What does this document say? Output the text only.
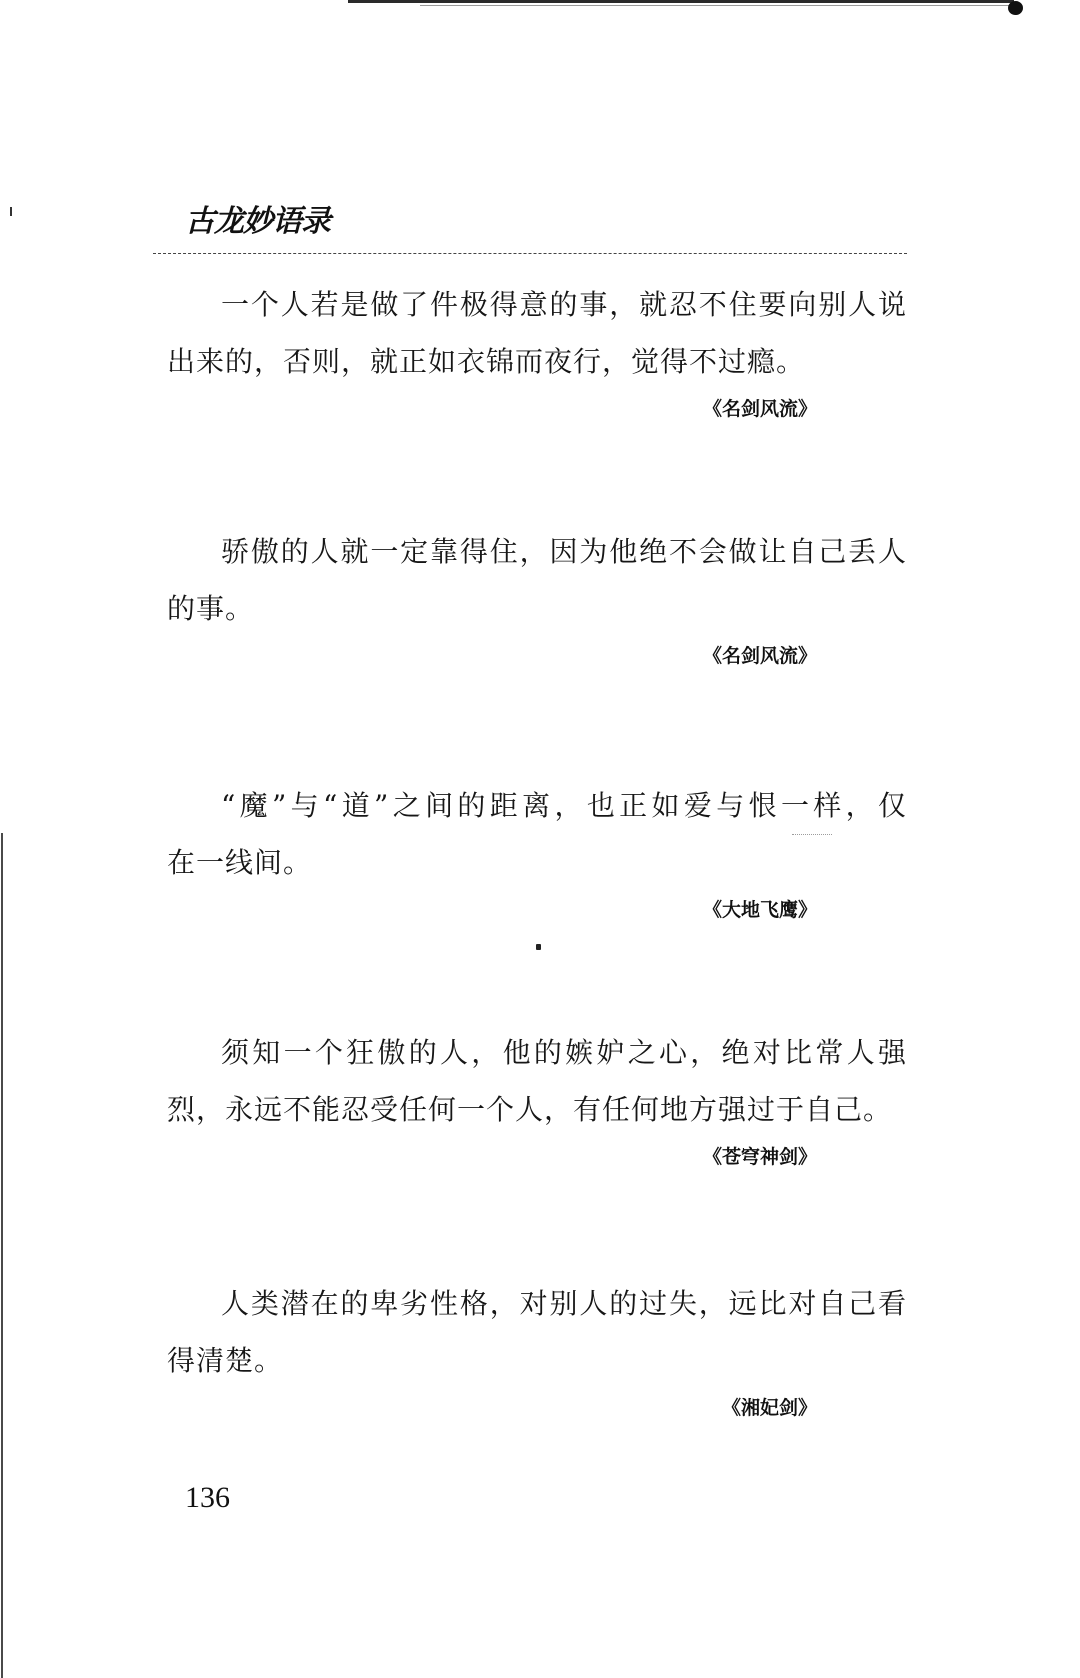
古龙妙语录
一个人若是做了件极得意的事，就忍不住要向别人说
出来的，否则，就正如衣锦而夜行，觉得不过瘾。
《名剑风流》
骄傲的人就一定靠得住，因为他绝不会做让自己丢人
的事。
《名剑风流》
“魔”与“道”之间的距离，也正如爱与恨一样，仅
在一线间。
《大地飞鹰》
须知一个狂傲的人，他的嫉妒之心，绝对比常人强
烈，永远不能忍受任何一个人，有任何地方强过于自己。
《苍穹神剑》
人类潜在的卑劣性格，对别人的过失，远比对自己看
得清楚。
《湘妃剑》
136
